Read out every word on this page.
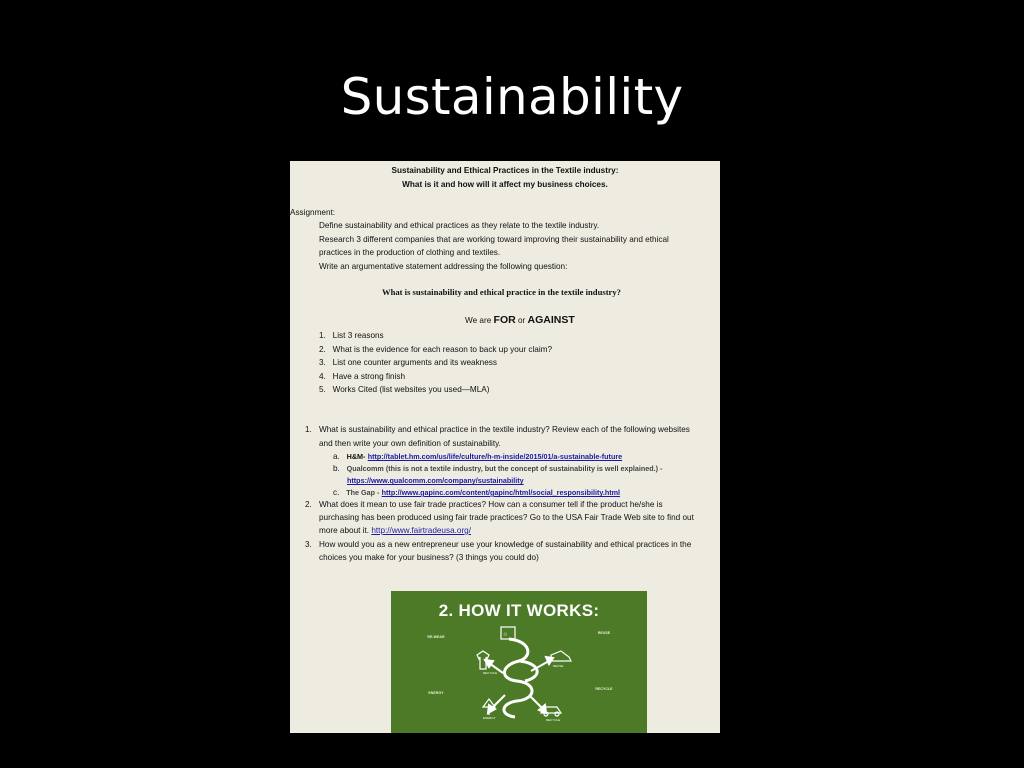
Sustainability
Sustainability and Ethical Practices in the Textile industry:
What is it and how will it affect my business choices.
Assignment:
Define sustainability and ethical practices as they relate to the textile industry.
Research 3 different companies that are working toward improving their sustainability and ethical
practices in the production of clothing and textiles.
Write an argumentative statement addressing the following question:
What is sustainability and ethical practice in the textile industry?
We are FOR or AGAINST
1. List 3 reasons
2. What is the evidence for each reason to back up your claim?
3. List one counter arguments and its weakness
4. Have a strong finish
5. Works Cited (list websites you used—MLA)
1. What is sustainability and ethical practice in the textile industry? Review each of the following websites
and then write your own definition of sustainability.
a. H&M- http://tablet.hm.com/us/life/culture/h-m-inside/2015/01/a-sustainable-future
b. Qualcomm (this is not a textile industry, but the concept of sustainability is well explained.) -
https://www.qualcomm.com/company/sustainability
c. The Gap - http://www.gapinc.com/content/gapinc/html/social_responsibility.html
2. What does it mean to use fair trade practices? How can a consumer tell if the product he/she is
purchasing has been produced using fair trade practices? Go to the USA Fair Trade Web site to find out
more about it. http://www.fairtradeusa.org/
3. How would you as a new entrepreneur use your knowledge of sustainability and ethical practices in the
choices you make for your business? (3 things you could do)
2. HOW IT WORKS:
♲
RECYCLE
ENERGY
REUSE
RECYCLE
RE-WEAR
REUSE
RECYCLE
ENERGY
